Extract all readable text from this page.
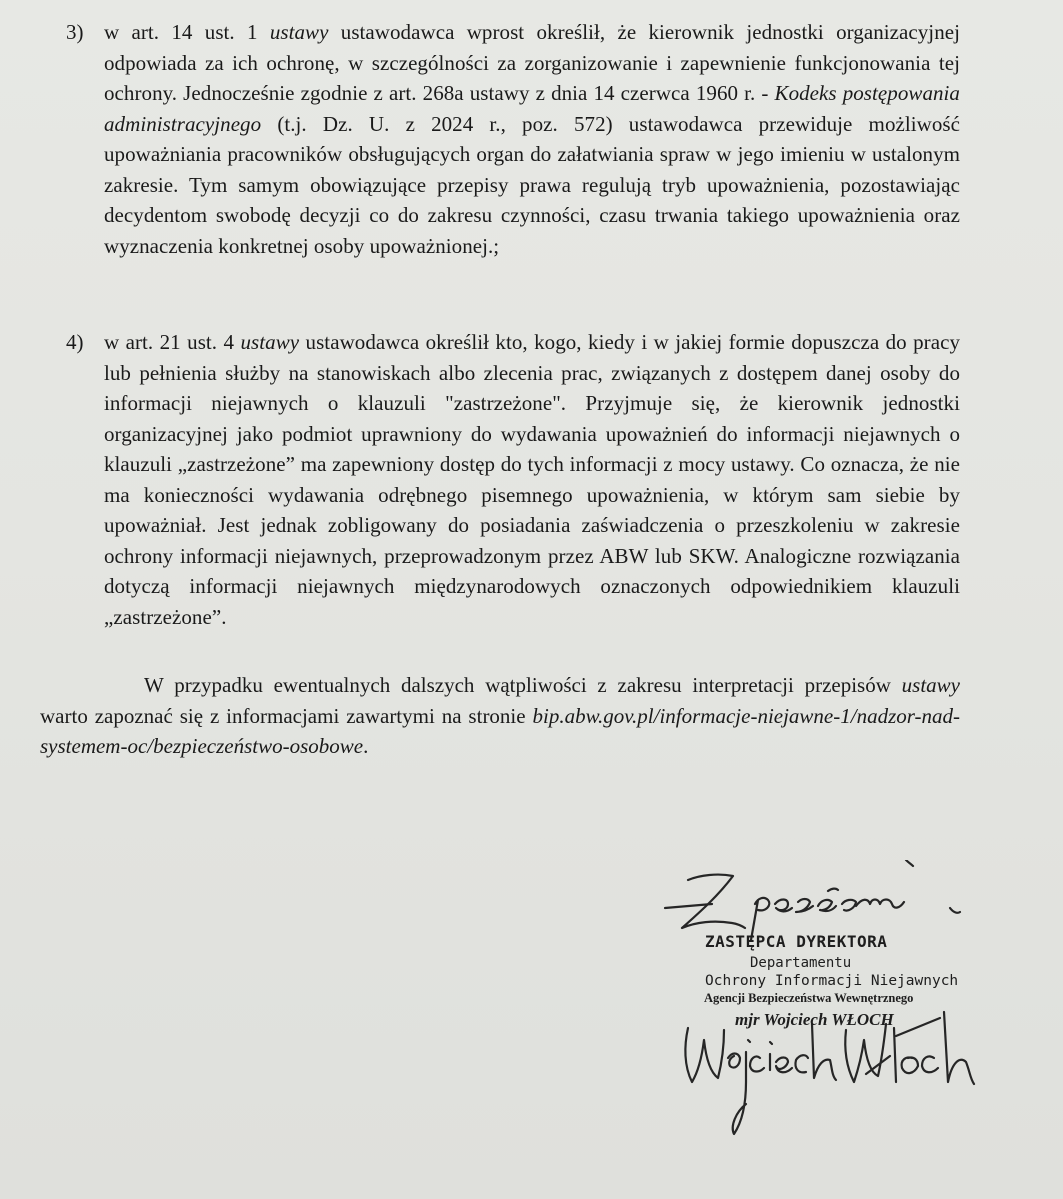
3) w art. 14 ust. 1 ustawy ustawodawca wprost określił, że kierownik jednostki organizacyjnej odpowiada za ich ochronę, w szczególności za zorganizowanie i zapewnienie funkcjonowania tej ochrony. Jednocześnie zgodnie z art. 268a ustawy z dnia 14 czerwca 1960 r. - Kodeks postępowania administracyjnego (t.j. Dz. U. z 2024 r., poz. 572) ustawodawca przewiduje możliwość upoważniania pracowników obsługujących organ do załatwiania spraw w jego imieniu w ustalonym zakresie. Tym samym obowiązujące przepisy prawa regulują tryb upoważnienia, pozostawiając decydentom swobodę decyzji co do zakresu czynności, czasu trwania takiego upoważnienia oraz wyznaczenia konkretnej osoby upoważnionej.;
4) w art. 21 ust. 4 ustawy ustawodawca określił kto, kogo, kiedy i w jakiej formie dopuszcza do pracy lub pełnienia służby na stanowiskach albo zlecenia prac, związanych z dostępem danej osoby do informacji niejawnych o klauzuli "zastrzeżone". Przyjmuje się, że kierownik jednostki organizacyjnej jako podmiot uprawniony do wydawania upoważnień do informacji niejawnych o klauzuli „zastrzeżone” ma zapewniony dostęp do tych informacji z mocy ustawy. Co oznacza, że nie ma konieczności wydawania odrębnego pisemnego upoważnienia, w którym sam siebie by upoważniał. Jest jednak zobligowany do posiadania zaświadczenia o przeszkoleniu w zakresie ochrony informacji niejawnych, przeprowadzonym przez ABW lub SKW. Analogiczne rozwiązania dotyczą informacji niejawnych międzynarodowych oznaczonych odpowiednikiem klauzuli „zastrzeżone”.
W przypadku ewentualnych dalszych wątpliwości z zakresu interpretacji przepisów ustawy warto zapoznać się z informacjami zawartymi na stronie bip.abw.gov.pl/informacje-niejawne-1/nadzor-nad-systemem-oc/bezpieczeństwo-osobowe.
ZASTĘPCA DYREKTORA
Departamentu
Ochrony Informacji Niejawnych
Agencji Bezpieczeństwa Wewnętrznego
mjr Wojciech WŁOCH
